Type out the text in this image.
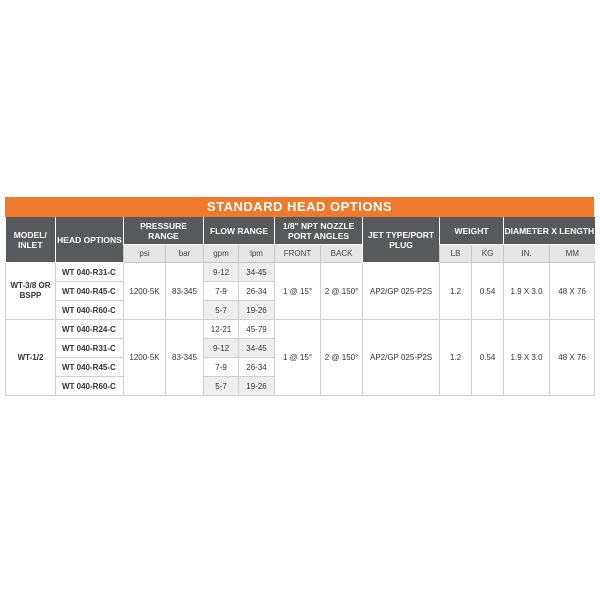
STANDARD HEAD OPTIONS
MODEL/ INLET	HEAD OPTIONS	PRESSURE RANGE		FLOW RANGE		1/8" NPT NOZZLE PORT ANGLES		JET TYPE/PORT PLUG	WEIGHT		DIAMETER X LENGTH	
		psi	bar	gpm	lpm	FRONT	BACK		LB	KG	IN.	MM
WT-3/8 OR BSPP	WT 040-R31-C	1200-5K	83-345	9-12	34-45	1 @ 15°	2 @ 150°	AP2/GP 025-P2S	1.2	0.54	1.9 X 3.0	48 X 76
	WT 040-R45-C			7-9	26-34							
	WT 040-R60-C			5-7	19-26							
WT-1/2	WT 040-R24-C	1200-5K	83-345	12-21	45-79	1 @ 15°	2 @ 150°	AP2/GP 025-P2S	1.2	0.54	1.9 X 3.0	48 X 76
	WT 040-R31-C			9-12	34-45							
	WT 040-R45-C			7-9	26-34							
	WT 040-R60-C			5-7	19-26							
